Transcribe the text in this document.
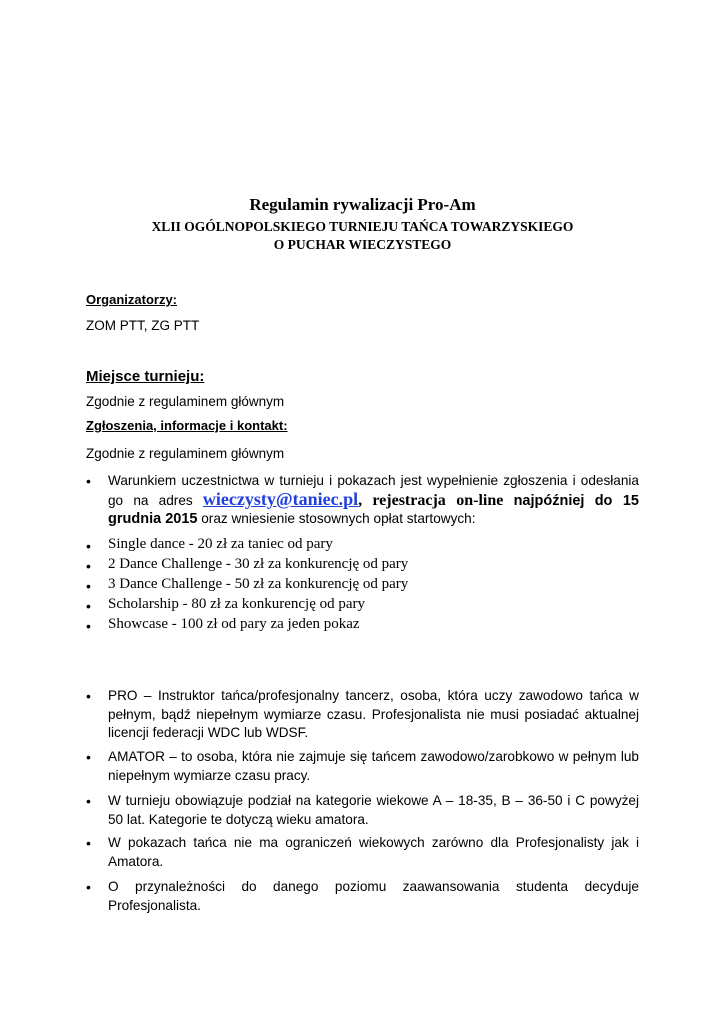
Regulamin rywalizacji Pro-Am
XLII OGÓLNOPOLSKIEGO TURNIEJU TAŃCA TOWARZYSKIEGO
O PUCHAR WIECZYSTEGO
Organizatorzy:
ZOM PTT, ZG PTT
Miejsce turnieju:
Zgodnie z regulaminem głównym
Zgłoszenia, informacje i kontakt:
Zgodnie z regulaminem głównym
•	Warunkiem uczestnictwa w turnieju i pokazach jest wypełnienie zgłoszenia i odesłania go na adres wieczysty@taniec.pl, rejestracja on-line najpóźniej do 15 grudnia 2015 oraz wniesienie stosownych opłat startowych:
• Single dance - 20 zł za taniec od pary
• 2 Dance Challenge - 30 zł za konkurencję od pary
• 3 Dance Challenge - 50 zł za konkurencję od pary
• Scholarship - 80 zł za konkurencję od pary
• Showcase - 100 zł od pary za jeden pokaz
•	PRO – Instruktor tańca/profesjonalny tancerz, osoba, która uczy zawodowo tańca w pełnym, bądź niepełnym wymiarze czasu. Profesjonalista nie musi posiadać aktualnej licencji federacji WDC lub WDSF.
•	AMATOR – to osoba, która nie zajmuje się tańcem zawodowo/zarobkowo w pełnym lub niepełnym wymiarze czasu pracy.
•	W turnieju obowiązuje podział na kategorie wiekowe A – 18-35, B – 36-50 i C powyżej 50 lat. Kategorie te dotyczą wieku amatora.
•	W pokazach tańca nie ma ograniczeń wiekowych zarówno dla Profesjonalisty jak i Amatora.
•	O przynależności do danego poziomu zaawansowania studenta decyduje Profesjonalista.
